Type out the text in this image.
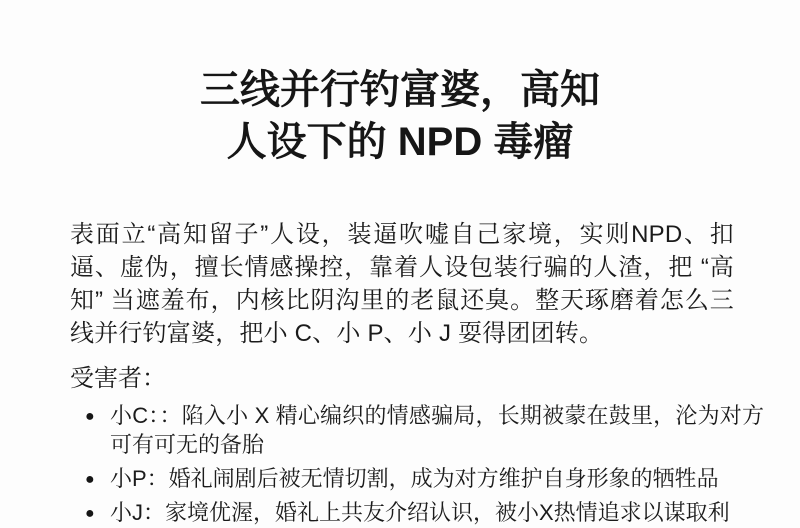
三线并行钓富婆，高知
人设下的 NPD 毒瘤

表面立“高知留子”人设，装逼吹嘘自己家境，实则NPD、扣逼、虚伪，擅长情感操控，靠着人设包装行骗的人渣，把 “高知” 当遮羞布，内核比阴沟里的老鼠还臭。整天琢磨着怎么三线并行钓富婆，把小 C、小 P、小 J 耍得团团转。

受害者：
● 小C：：陷入小 X 精心编织的情感骗局，长期被蒙在鼓里，沦为对方可有可无的备胎
● 小P：婚礼闹剧后被无情切割，成为对方维护自身形象的牺牲品
● 小J：家境优渥，婚礼上共友介绍认识，被小X热情追求以谋取利
